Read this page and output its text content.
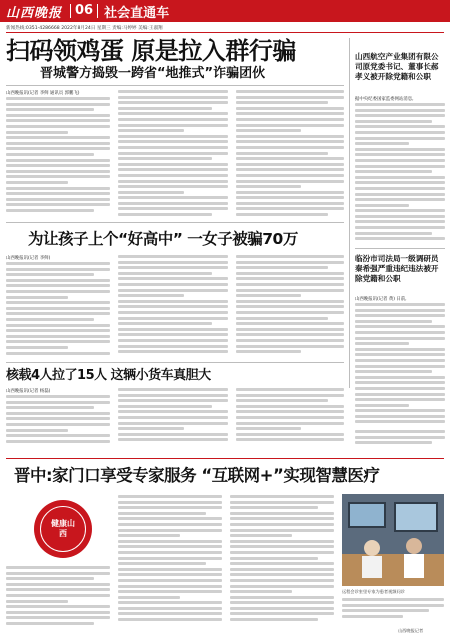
山西晚报 06 社会直通车
新闻热线:0351-4286668 2022年8月24日 星期三 责编:马婷婷 美编:王淑翔
扫码领鸡蛋 原是拉入群行骗
晋城警方捣毁一跨省“地推式”诈骗团伙
山西晚报讯(记者 李鲜 通讯员 郭鹏飞)
山西航空产业集团有限公司原党委书记、董事长郝孝义被开除党籍和公职
据中央纪委国家监委网站消息,
为让孩子上个“好高中” 一女子被骗70万
山西晚报讯(记者 李鲜)	临汾市司法局一级调研员秦希强严重违纪违法被开除党籍和公职
山西晚报讯(记者 黄) 日前,
核载4人拉了15人 这辆小货车真胆大
山西晚报讯(记者 杨磊)
晋中:家门口享受专家服务 “互联网+”实现智慧医疗
健康山西
远程会诊室里专家为患者视频问诊
山西晚报记者
